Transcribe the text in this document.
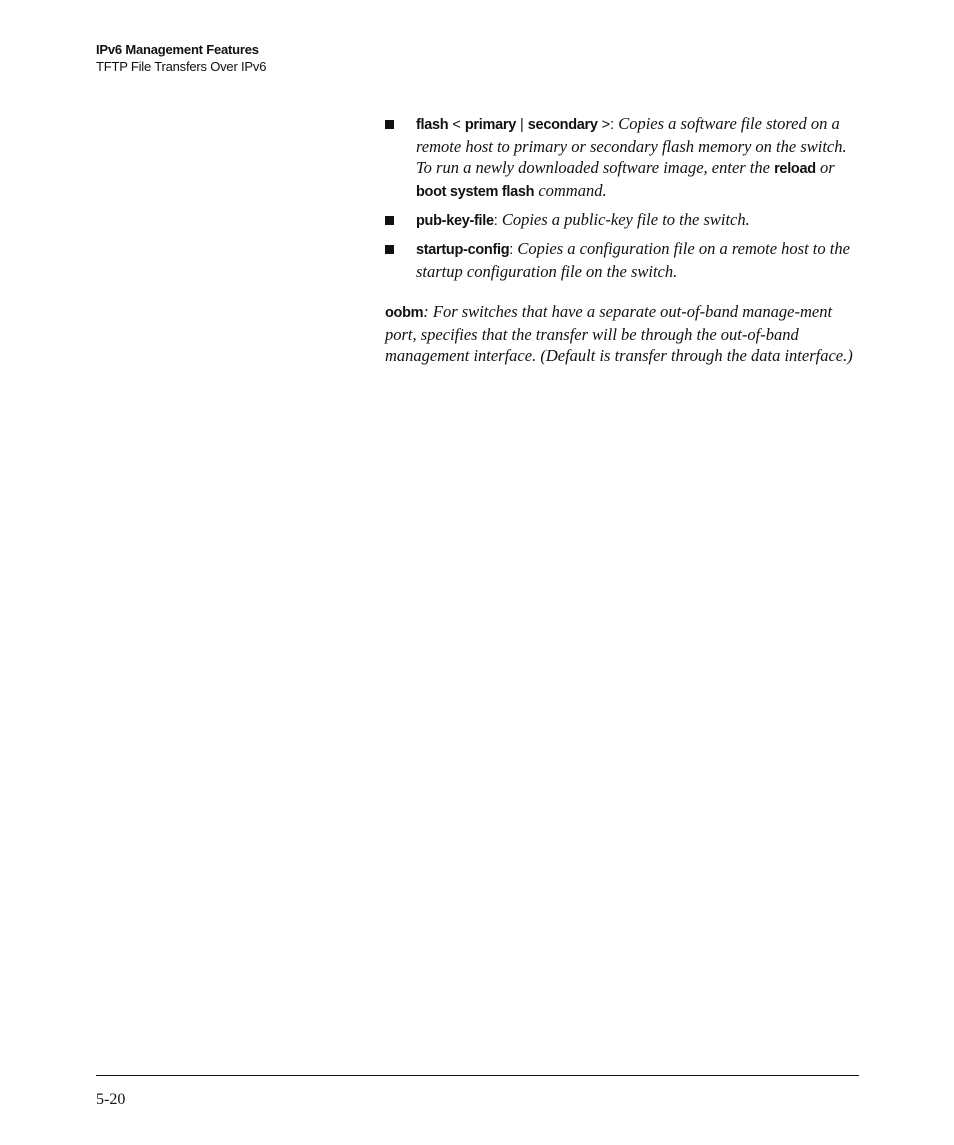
IPv6 Management Features
TFTP File Transfers Over IPv6
flash < primary | secondary >: Copies a software file stored on a remote host to primary or secondary flash memory on the switch. To run a newly downloaded software image, enter the reload or boot system flash command.
pub-key-file: Copies a public-key file to the switch.
startup-config: Copies a configuration file on a remote host to the startup configuration file on the switch.
oobm: For switches that have a separate out-of-band manage-ment port, specifies that the transfer will be through the out-of-band management interface. (Default is transfer through the data interface.)
5-20
